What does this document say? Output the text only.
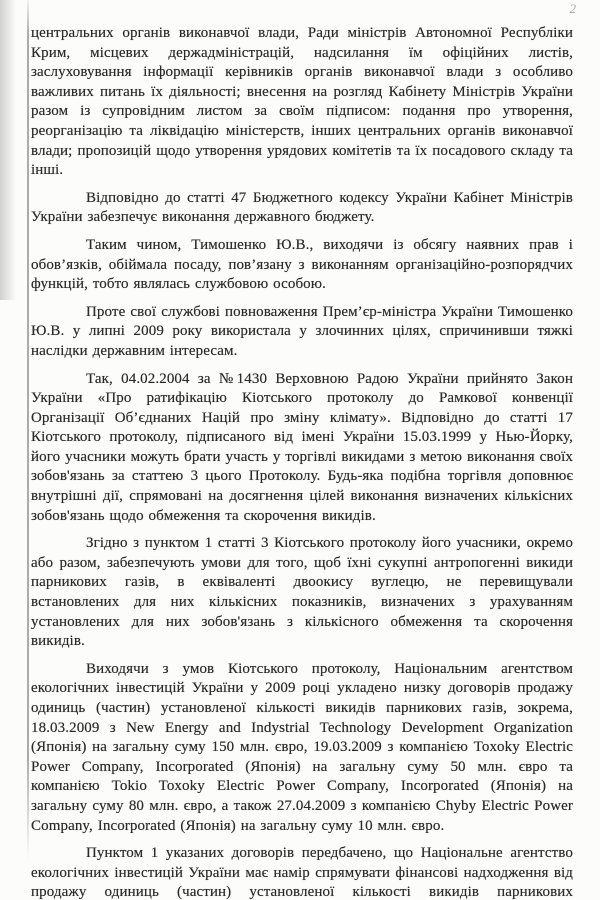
2

центральних органів виконавчої влади, Ради міністрів Автономної Республіки Крим, місцевих держадміністрацій, надсилання їм офіційних листів, заслуховування інформації керівників органів виконавчої влади з особливо важливих питань їх діяльності; внесення на розгляд Кабінету Міністрів України разом із супровідним листом за своїм підписом: подання про утворення, реорганізацію та ліквідацію міністерств, інших центральних органів виконавчої влади; пропозицій щодо утворення урядових комітетів та їх посадового складу та інші.

Відповідно до статті 47 Бюджетного кодексу України Кабінет Міністрів України забезпечує виконання державного бюджету.

Таким чином, Тимошенко Ю.В., виходячи із обсягу наявних прав і обов’язків, обіймала посаду, пов’язану з виконанням організаційно-розпорядчих функцій, тобто являлась службовою особою.

Проте свої службові повноваження Прем’єр-міністра України Тимошенко Ю.В. у липні 2009 року використала у злочинних цілях, спричинивши тяжкі наслідки державним інтересам.

Так, 04.02.2004 за №1430 Верховною Радою України прийнято Закон України «Про ратифікацію Кіотського протоколу до Рамкової конвенції Організації Об’єднаних Націй про зміну клімату». Відповідно до статті 17 Кіотського протоколу, підписаного від імені України 15.03.1999 у Нью-Йорку, його учасники можуть брати участь у торгівлі викидами з метою виконання своїх зобов'язань за статтею 3 цього Протоколу. Будь-яка подібна торгівля доповнює внутрішні дії, спрямовані на досягнення цілей виконання визначених кількісних зобов'язань щодо обмеження та скорочення викидів.

Згідно з пунктом 1 статті 3 Кіотського протоколу його учасники, окремо або разом, забезпечують умови для того, щоб їхні сукупні антропогенні викиди парникових газів, в еквіваленті двоокису вуглецю, не перевищували встановлених для них кількісних показників, визначених з урахуванням установлених для них зобов'язань з кількісного обмеження та скорочення викидів.

Виходячи з умов Кіотського протоколу, Національним агентством екологічних інвестицій України у 2009 році укладено низку договорів продажу одиниць (частин) установленої кількості викидів парникових газів, зокрема, 18.03.2009 з New Energy and Indystrial Technology Development Organization (Японія) на загальну суму 150 млн. євро, 19.03.2009 з компанією Toxoky Electric Power Company, Incorporated (Японія) на загальну суму 50 млн. євро та компанією Tokio Toxoky Electric Power Company, Incorporated (Японія) на загальну суму 80 млн. євро, а також 27.04.2009 з компанією Chyby Electric Power Company, Incorporated (Японія) на загальну суму 10 млн. євро.

Пунктом 1 указаних договорів передбачено, що Національне агентство екологічних інвестицій України має намір спрямувати фінансові надходження від продажу одиниць (частин) установленої кількості викидів парникових
